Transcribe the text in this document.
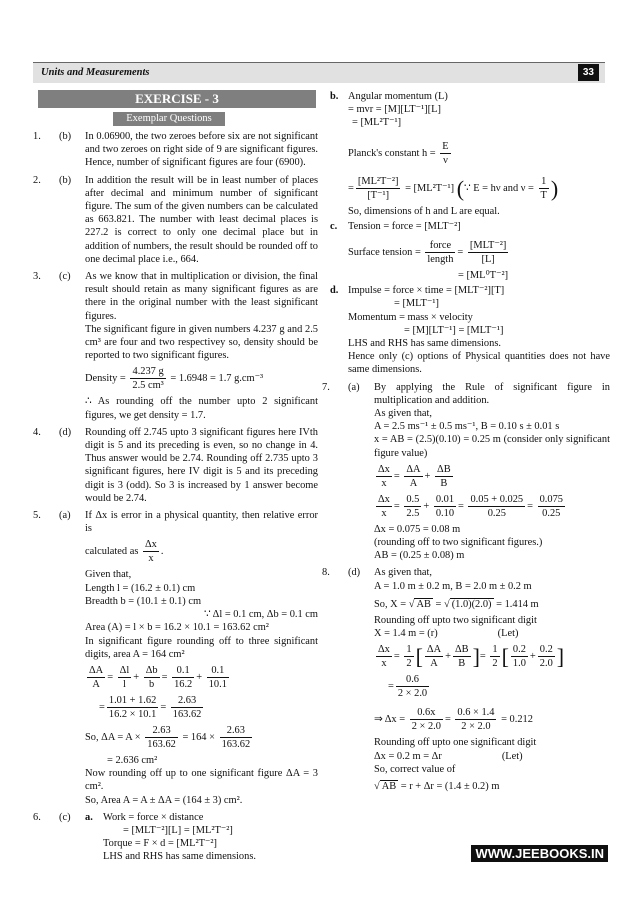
Units and Measurements	33
EXERCISE - 3
Exemplar Questions
1. (b) In 0.06900, the two zeroes before six are not significant and two zeroes on right side of 9 are significant figures. Hence, number of significant figures are four (6900).

2. (b) In addition the result will be in least number of places after decimal and minimum number of significant figure. The sum of the given numbers can be calculated as 663.821. The number with least decimal places is 227.2 is correct to only one decimal place but in addition of numbers, the result should be rounded off to one decimal place i.e., 664.

3. (c) As we know that in multiplication or division, the final result should retain as many significant figures as are there in the original number with the least significant figures.

The significant figure in given numbers 4.237 g and 2.5 cm³ are four and two respectivey so, density should be reported to two significant figures.

Density = $\frac{4.237 g}{\text{2.5 cm³}} = 1.6948 = 1.7$ g.cm⁻³

∴ As rounding off the number upto 2 significant figures, we get density = 1.7.

4. (d) Rounding off 2.745 upto 3 significant figures here IVth digit is 5 and its preceding is even, so no change in 4. Thus answer would be 2.74. Rounding off 2.735 upto 3 significant figures, here IV digit is 5 and its preceding digit is 3 (odd). So 3 is increased by 1 answer become would be 2.74.

5. (a) If Δx is error in a physical quantity, then relative error is

calculated as $\frac{\Delta x}{x}$ .
Given that,
Length l = (16.2 ± 0.1) cm
Breadth b = (10.1 ± 0.1) cm
∵ Δl = 0.1 cm, Δb = 0.1 cm
Area (A) = l × b = 16.2 × 10.1 = 163.62 cm²

In significant figure rounding off to three significant digits, area A = 164 cm²

$\frac{\Delta A}{A} = \frac{\Delta l}{l} + \frac{\Delta b}{b} = \frac{0.1}{16.2} + \frac{0.1}{10.1}$
= $\frac{1.01 + 1.62}{16.2 \times 10.1} = \frac{2.63}{163.62}$
So, $\Delta A = A \times \frac{2.63}{163.62} = 164 \times \frac{2.63}{163.62}$
= 2.636 cm²

Now rounding off up to one significant figure ΔA = 3 cm².

So, Area A = A ± ΔA = (164 ± 3) cm².

6. (c) a. Work = force × distance
= [MLT⁻²][L] = [ML²T⁻²]
Torque = F × d = [ML²T⁻²]
LHS and RHS has same dimensions.
b. Angular momentum (L)
= mvr = [M][LT⁻¹][L]
= [ML²T⁻¹]
Planck's constant $h = \frac{E}{\nu}$
= $\frac{\text{[ML²T⁻²]}}{\text{[T⁻¹]}} = [ML^2T^{-1}]$ (∵ E = hν and $\nu = \frac{1}{T}$ )
So, dimensions of h and L are equal.
c. Tension = force = [MLT⁻²]
Surface tension =
force
length
=
[MLT⁻²]
[L]
= [ML⁰T⁻²]
d. Impulse = force × time = [MLT⁻²][T]
= [MLT⁻¹]
Momentum = mass × velocity
= [M][LT⁻¹] = [MLT⁻¹]
LHS and RHS has same dimensions.

Hence only (c) options of Physical quantities does not have same dimensions.

7. (a) By applying the Rule of significant figure in multiplication and addition.

As given that,
A = 2.5 ms⁻¹ ± 0.5 ms⁻¹, B = 0.10 s ± 0.01 s

x = AB = (2.5)(0.10) = 0.25 m (consider only significant figure value)

$\frac{\Delta x}{x} = \frac{\Delta A}{A} + \frac{\Delta B}{B}$
$\frac{\Delta x}{x} = \frac{0.5}{2.5} + \frac{0.01}{0.10} = \frac{0.05 + 0.025}{0.25} = \frac{0.075}{0.25}$
Δx = 0.075 = 0.08 m
(rounding off to two significant figures.)
AB = (0.25 ± 0.08) m
8. (d) As given that,
A = 1.0 m ± 0.2 m, B = 2.0 m ± 0.2 m
So, X = √ AB = √ (1.0)(2.0) = 1.414 m
Rounding off upto two significant digit
X = 1.4 m = (r)	(Let)
$\frac{\Delta x}{x} = \frac{1}{2}$ [ $\frac{\Delta A}{A} + \frac{\Delta B}{B}$ ]= $\frac{1}{2}$ [ $\frac{0.2}{1.0} + \frac{0.2}{2.0}$ ]
= $\frac{0.6}{2 \times 2.0}$
⇒ $\Delta x = \frac{0.6x}{2 \times 2.0} = \frac{0.6 \times 1.4}{2 \times 2.0} = 0.212$
Rounding off upto one significant digit
Δx = 0.2 m = Δr	(Let)
So, correct value of
√ AB = r + Δr = (1.4 ± 0.2) m
WWW.JEEBOOKS.IN
